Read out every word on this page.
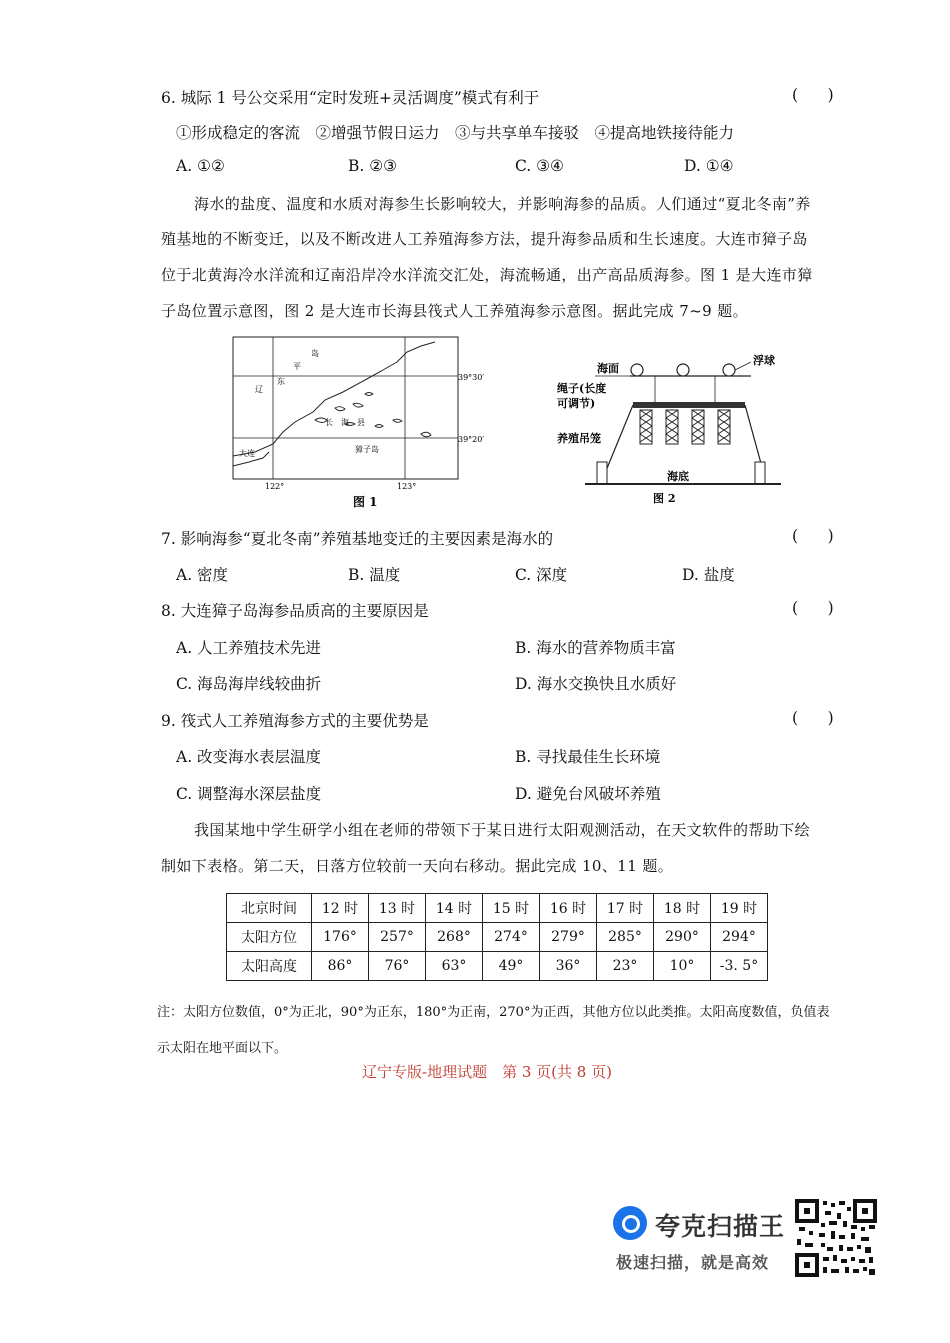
6. 城际 1 号公交采用“定时发班+灵活调度”模式有利于	(      )
①形成稳定的客流　②增强节假日运力　③与共享单车接驳　④提高地铁接待能力
A. ①②	B. ②③	C. ③④	D. ①④
海水的盐度、温度和水质对海参生长影响较大，并影响海参的品质。人们通过“夏北冬南”养
殖基地的不断变迁，以及不断改进人工养殖海参方法，提升海参品质和生长速度。大连市獐子岛
位于北黄海冷水洋流和辽南沿岸冷水洋流交汇处，海流畅通，出产高品质海参。图 1 是大连市獐
子岛位置示意图，图 2 是大连市长海县筏式人工养殖海参示意图。据此完成 7~9 题。
岛
平
东
辽
长　海　县
獐子岛
大连
39°30′
39°20′
122°	123°
图 1
海面
浮球
绳子(长度
可调节)
养殖吊笼
海底
图 2
7. 影响海参“夏北冬南”养殖基地变迁的主要因素是海水的	(      )
A. 密度	B. 温度	C. 深度	D. 盐度
8. 大连獐子岛海参品质高的主要原因是	(      )
A. 人工养殖技术先进	B. 海水的营养物质丰富
C. 海岛海岸线较曲折	D. 海水交换快且水质好
9. 筏式人工养殖海参方式的主要优势是	(      )
A. 改变海水表层温度	B. 寻找最佳生长环境
C. 调整海水深层盐度	D. 避免台风破坏养殖
我国某地中学生研学小组在老师的带领下于某日进行太阳观测活动，在天文软件的帮助下绘
制如下表格。第二天，日落方位较前一天向右移动。据此完成 10、11 题。
北京时间	12 时	13 时	14 时	15 时	16 时	17 时	18 时	19 时
太阳方位	176°	257°	268°	274°	279°	285°	290°	294°
太阳高度	86°	76°	63°	49°	36°	23°	10°	-3. 5°
注：太阳方位数值，0°为正北，90°为正东，180°为正南，270°为正西，其他方位以此类推。太阳高度数值，负值表
示太阳在地平面以下。
辽宁专版-地理试题　第 3 页(共 8 页)
夸克扫描王
极速扫描，就是高效
